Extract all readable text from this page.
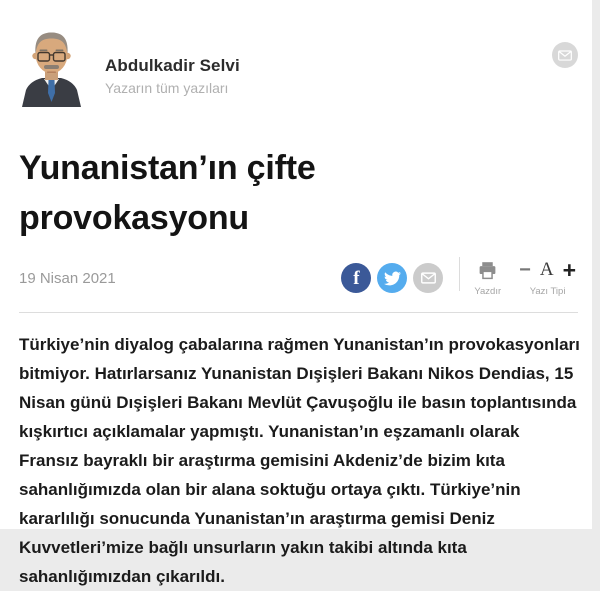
Abdulkadir Selvi
Yazarın tüm yazıları
Yunanistan’ın çifte provokasyonu
19 Nisan 2021	f
Yazdır
− A +
Yazı Tipi

Türkiye’nin diyalog çabalarına rağmen Yunanistan’ın provokasyonları bitmiyor. Hatırlarsanız Yunanistan Dışişleri Bakanı Nikos Dendias, 15 Nisan günü Dışişleri Bakanı Mevlüt Çavuşoğlu ile basın toplantısında kışkırtıcı açıklamalar yapmıştı. Yunanistan’ın eşzamanlı olarak Fransız bayraklı bir araştırma gemisini Akdeniz’de bizim kıta sahanlığımızda olan bir alana soktuğu ortaya çıktı. Türkiye’nin kararlılığı sonucunda Yunanistan’ın araştırma gemisi Deniz Kuvvetleri’mize bağlı unsurların yakın takibi altında kıta sahanlığımızdan çıkarıldı.
